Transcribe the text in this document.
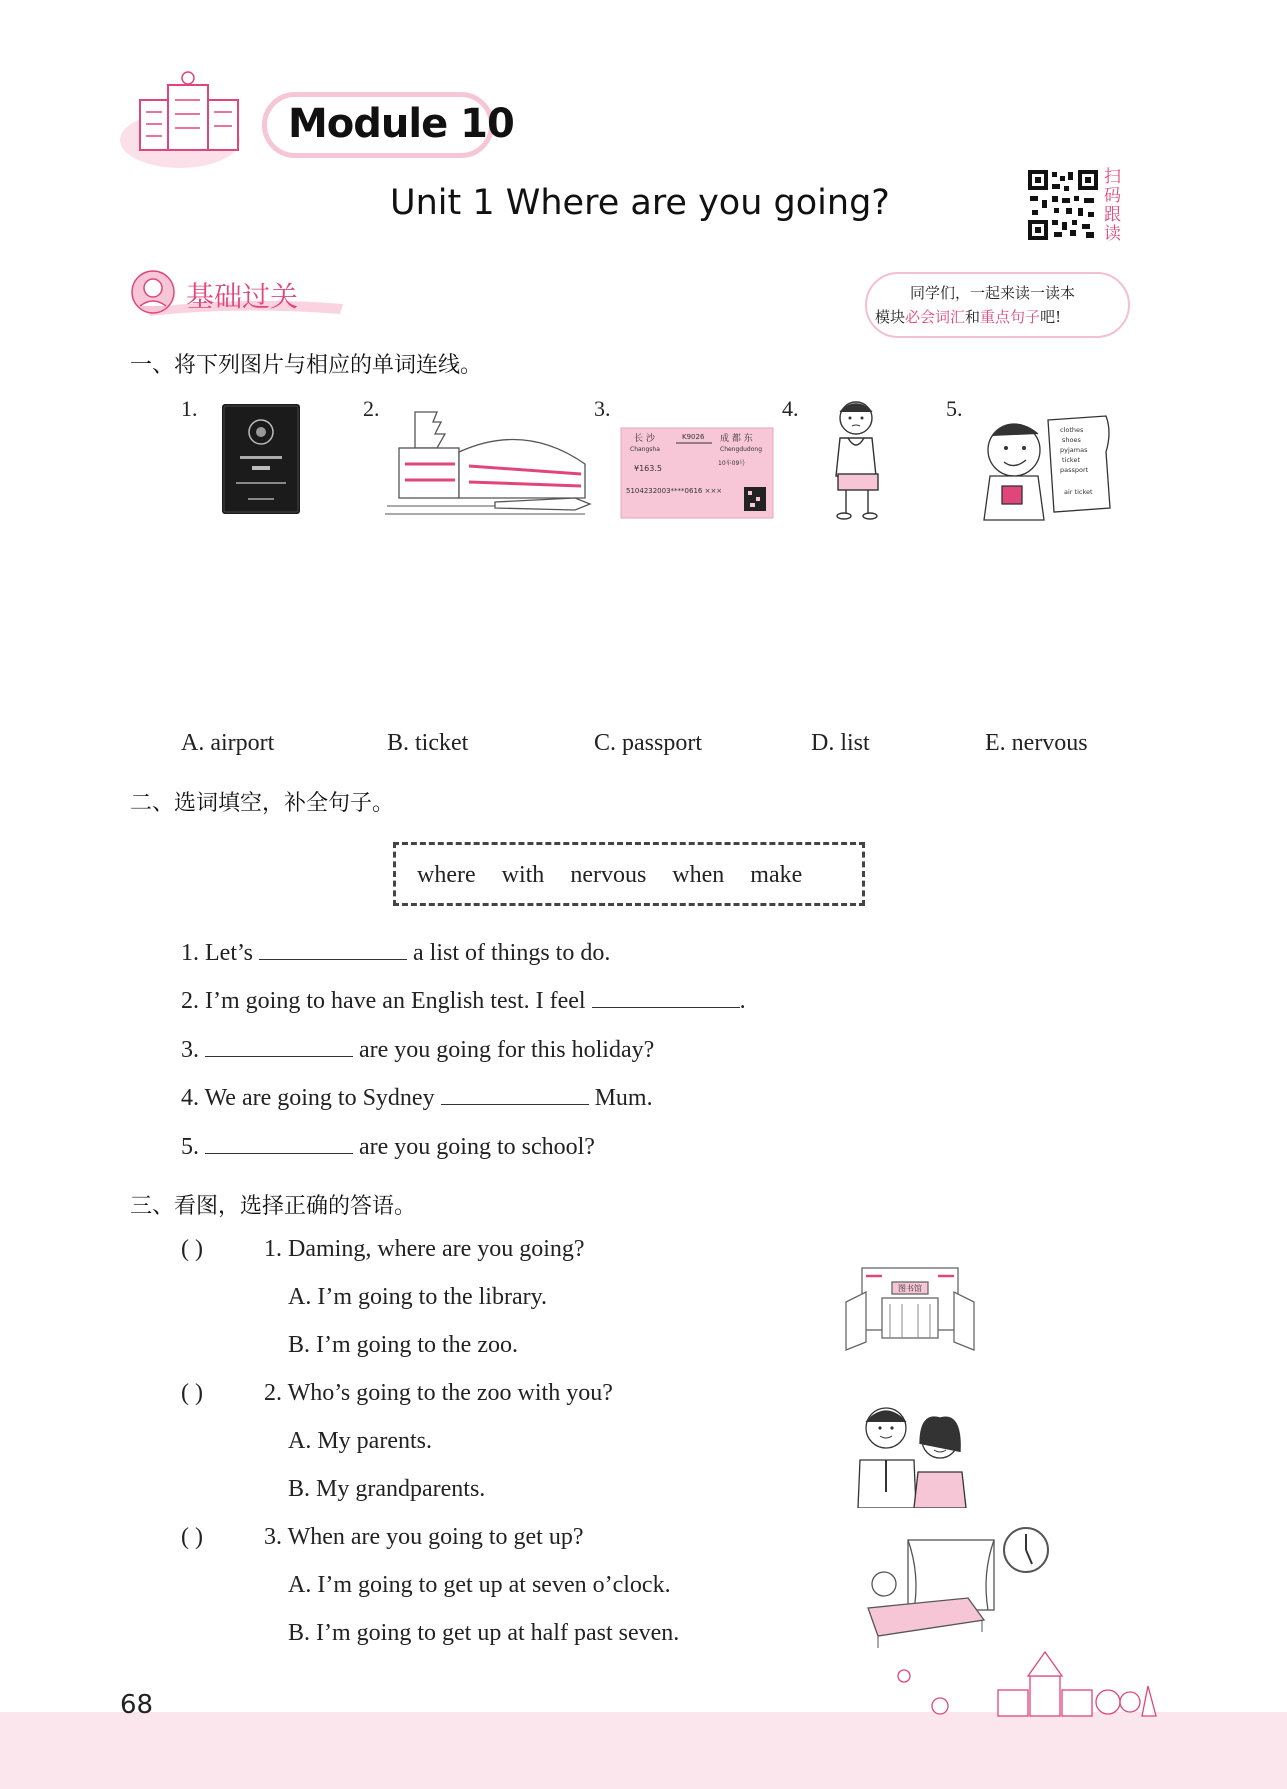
Module 10
Unit 1 Where are you going?
扫码跟读
基础过关	同学们，一起来读一读本
模块必会词汇和重点句子吧!
一、将下列图片与相应的单词连线。
1.	2.	3.	4.	5.
长 沙	K9026 成 都 东
Changsha	Chengdudong
¥163.5
10车09号
5104232003****0616 ×××
clothes
shoes
pyjamas
ticket
passport
air ticket
A. airport	B. ticket	C. passport	D. list	E. nervous
二、选词填空，补全句子。
where with nervous when make
1. Let’s	a list of things to do.
2. I’m going to have an English test. I feel	.
3.	are you going for this holiday?
4. We are going to Sydney	Mum.
5.	are you going to school?
三、看图，选择正确的答语。
( )	1. Daming, where are you going?
A. I’m going to the library.
B. I’m going to the zoo.
( )	2. Who’s going to the zoo with you?
A. My parents.
B. My grandparents.
( )	3. When are you going to get up?
A. I’m going to get up at seven o’clock.
B. I’m going to get up at half past seven.
图书馆
68
